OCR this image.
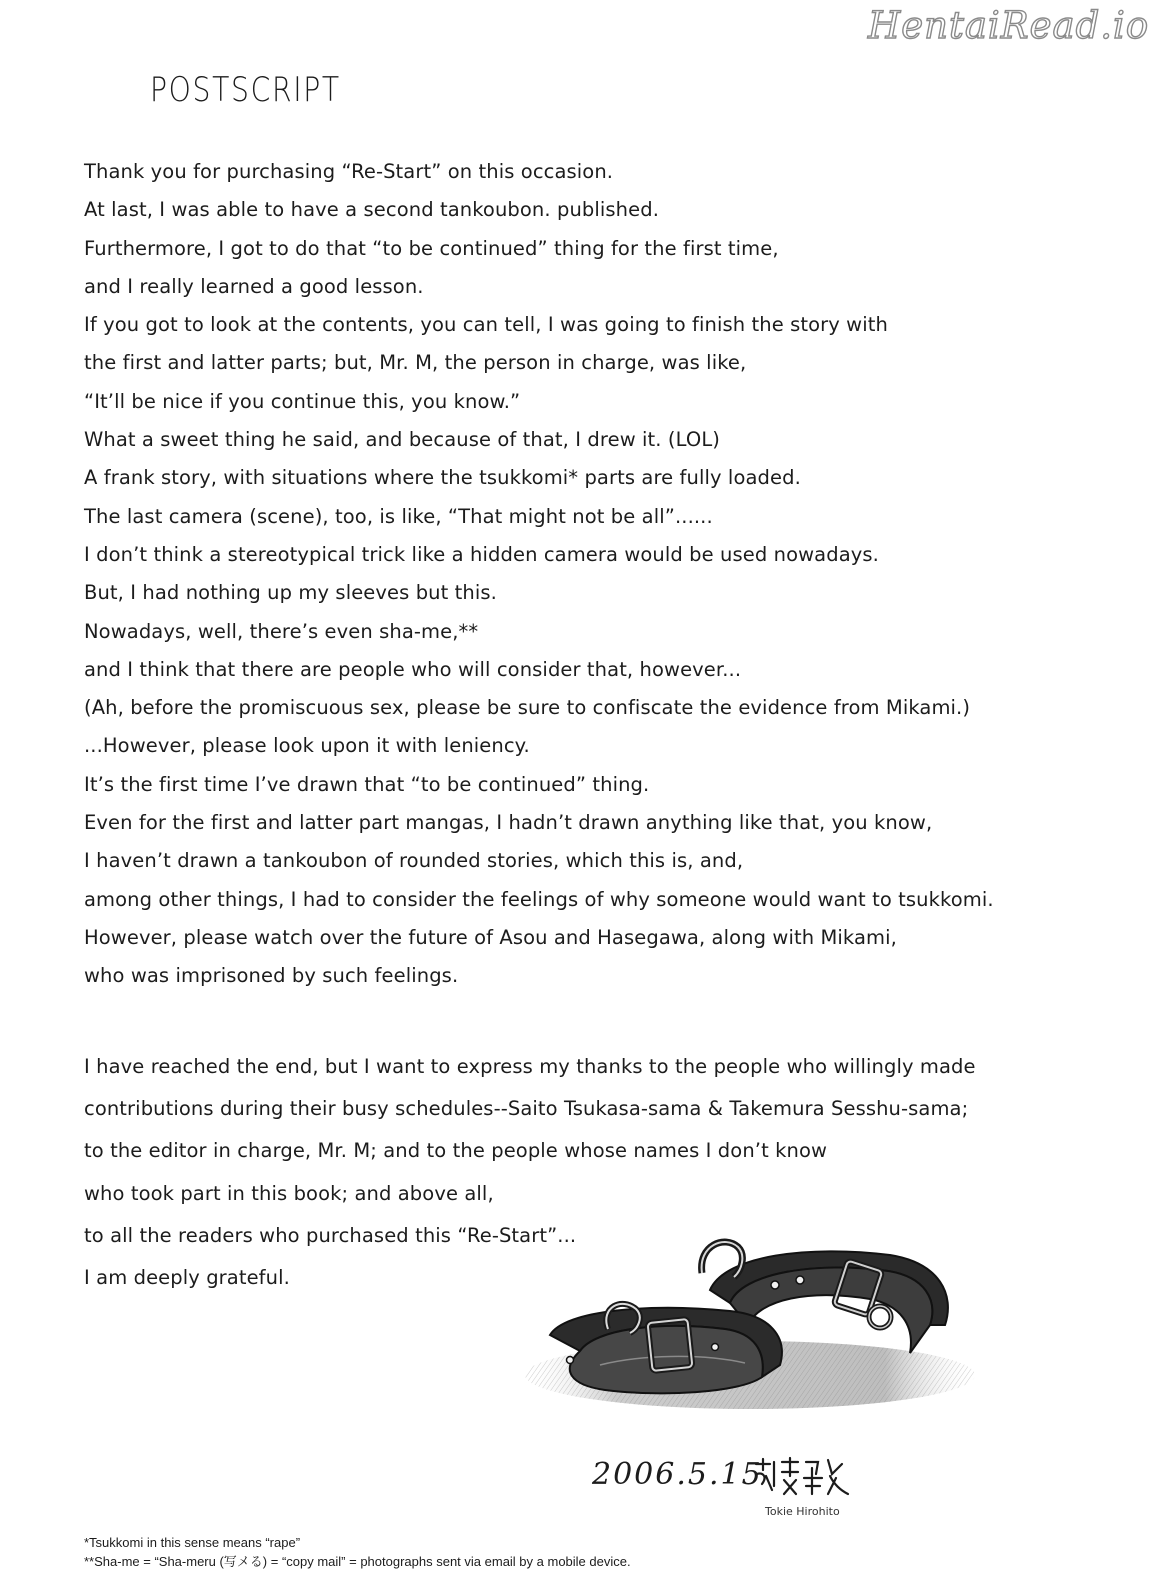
HentaiRead.io
POSTSCRIPT
Thank you for purchasing “Re-Start” on this occasion.
At last, I was able to have a second tankoubon. published.
Furthermore, I got to do that “to be continued” thing for the first time,
and I really learned a good lesson.
If you got to look at the contents, you can tell, I was going to finish the story with
the first and latter parts; but, Mr. M, the person in charge, was like,
“It’ll be nice if you continue this, you know.”
What a sweet thing he said, and because of that, I drew it. (LOL)
A frank story, with situations where the tsukkomi* parts are fully loaded.
The last camera (scene), too, is like, “That might not be all”......
I don’t think a stereotypical trick like a hidden camera would be used nowadays.
But, I had nothing up my sleeves but this.
Nowadays, well, there’s even sha-me,**
and I think that there are people who will consider that, however...
(Ah, before the promiscuous sex, please be sure to confiscate the evidence from Mikami.)
...However, please look upon it with leniency.
It’s the first time I’ve drawn that “to be continued” thing.
Even for the first and latter part mangas, I hadn’t drawn anything like that, you know,
I haven’t drawn a tankoubon of rounded stories, which this is, and,
among other things, I had to consider the feelings of why someone would want to tsukkomi.
However, please watch over the future of Asou and Hasegawa, along with Mikami,
who was imprisoned by such feelings.
I have reached the end, but I want to express my thanks to the people who willingly made
contributions during their busy schedules--Saito Tsukasa-sama & Takemura Sesshu-sama;
to the editor in charge, Mr. M; and to the people whose names I don’t know
who took part in this book; and above all,
to all the readers who purchased this “Re-Start”...
I am deeply grateful.
2006.5.15
Tokie Hirohito
*Tsukkomi in this sense means “rape”
**Sha-me = “Sha-meru (写メる) = “copy mail” = photographs sent via email by a mobile device.
